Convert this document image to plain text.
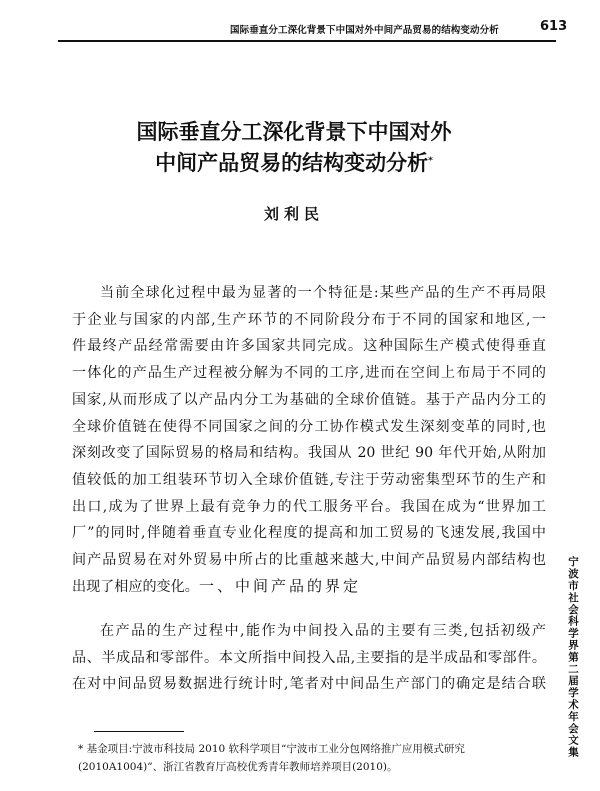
国际垂直分工深化背景下中国对外中间产品贸易的结构变动分析	613
国际垂直分工深化背景下中国对外
中间产品贸易的结构变动分析*
刘利民
当前全球化过程中最为显著的一个特征是:某些产品的生产不再局限
于企业与国家的内部,生产环节的不同阶段分布于不同的国家和地区,一
件最终产品经常需要由许多国家共同完成。这种国际生产模式使得垂直
一体化的产品生产过程被分解为不同的工序,进而在空间上布局于不同的
国家,从而形成了以产品内分工为基础的全球价值链。基于产品内分工的
全球价值链在使得不同国家之间的分工协作模式发生深刻变革的同时,也
深刻改变了国际贸易的格局和结构。我国从 20 世纪 90 年代开始,从附加
值较低的加工组装环节切入全球价值链,专注于劳动密集型环节的生产和
出口,成为了世界上最有竞争力的代工服务平台。我国在成为“世界加工
厂”的同时,伴随着垂直专业化程度的提高和加工贸易的飞速发展,我国中
间产品贸易在对外贸易中所占的比重越来越大,中间产品贸易内部结构也
出现了相应的变化。 一、中间产品的界定
在产品的生产过程中,能作为中间投入品的主要有三类,包括初级产
品、半成品和零部件。本文所指中间投入品,主要指的是半成品和零部件。
在对中间品贸易数据进行统计时,笔者对中间品生产部门的确定是结合联 宁波市社会科学界第二届学术年会文集
* 基金项目:宁波市科技局 2010 软科学项目“宁波市工业分包网络推广应用模式研究
(2010A1004)”、浙江省教育厅高校优秀青年教师培养项目(2010)。
